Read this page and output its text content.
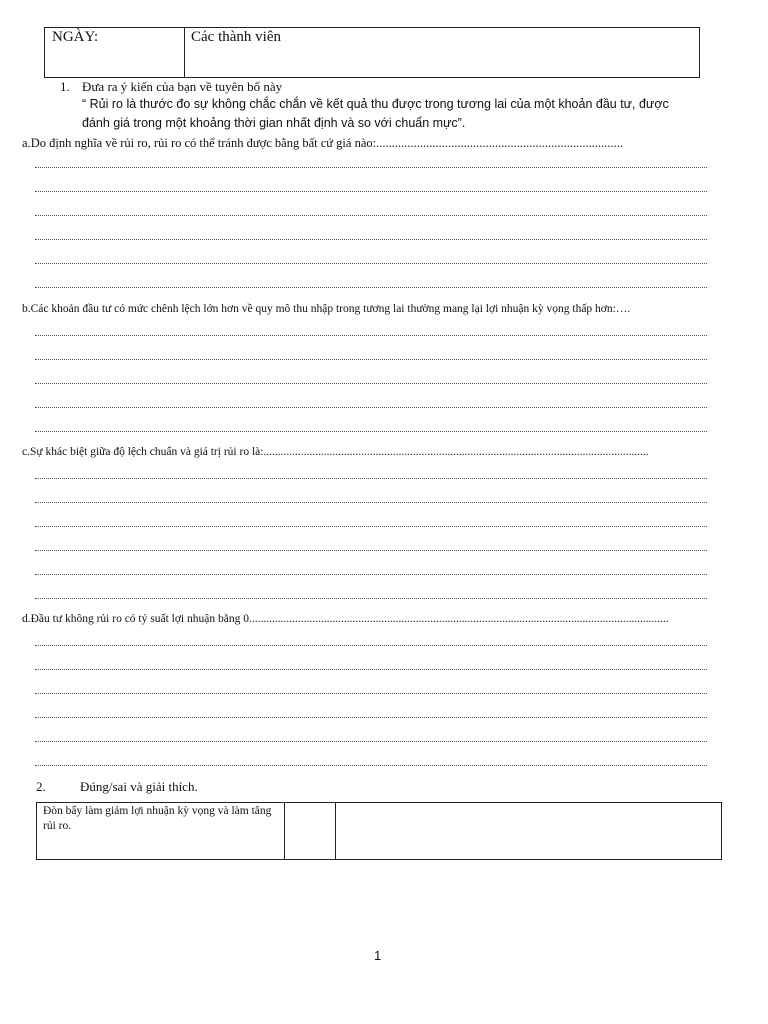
NGÀY:	Các thành viên
1. Đưa ra ý kiến của bạn về tuyên bố này
“ Rủi ro là thước đo sự không chắc chắn về kết quả thu được trong tương lai của một khoản đầu tư, được
đánh giá trong một khoảng thời gian nhất định và so với chuẩn mực”.
a.Do định nghĩa về rủi ro, rủi ro có thể tránh được bằng bất cứ giá nào:...............................................................................
b.Các khoản đầu tư có mức chênh lệch lớn hơn về quy mô thu nhập trong tương lai thường mang lại lợi nhuận kỳ vọng thấp hơn:….
c.Sự khác biệt giữa độ lệch chuẩn và giá trị rủi ro là:......................................................................................................................................
d.Đầu tư không rủi ro có tỷ suất lợi nhuận bằng 0..................................................................................................................................................
2.	Đúng/sai và giải thích.
Đòn bẩy làm giảm lợi nhuận kỳ vọng và làm tăng rủi ro.
1
